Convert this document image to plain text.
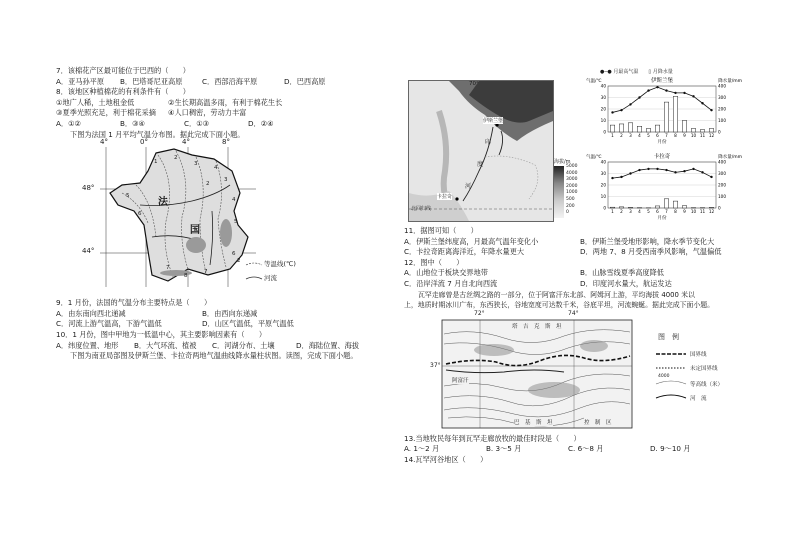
7．该棉花产区最可能位于巴西的（　　）
A．亚马孙平原	B．巴塔哥尼亚高原	C．西部沿海平原	D．巴西高原
8．该地区种植棉花的有利条件有（　　）
①地广人稀，土地租金低	②生长期高温多雨，有利于棉花生长
③夏季光照充足，利于棉花采摘	④人口稠密，劳动力丰富
A．①②	B．③④	C．①③	D．②④
下图为法国 1 月平均气温分布图。据此完成下面小题。
4°	0°	4°	8°
48°
44°
法
国
1
2
3
4
5
6
7
8
7
6
5
4
3
2
2	等温线(℃)
河流
9．1 月份，法国的气温分布主要特点是（　　）
A．由东南向西北递减	B．由西向东递减
C．河流上游气温高，下游气温低	D．山区气温低，平原气温低
10．1 月份，图中甲地为一低温中心，其主要影响因素有（　　）
A．纬度位置、地形	B．大气环流、植被	C．河湖分布、土壤	D．海陆位置、海拔
下图为南亚局部图及伊斯兰堡、卡拉奇两地气温曲线降水量柱状图。读图，完成下面小题。
70°
伊斯兰堡
印
度
河
卡拉奇
北回归线
海拔/m
5000
4000
3000
2000
1000
500
200
0
●─● 月最高气温 ▯ 月降水量
伊斯兰堡
气温/℃	降水量/mm
0	0
10	100
20	200
30	300
40	400
1 2 3 4 5 6 7 8 9 10 11 12
月份
卡拉奇
气温/℃	降水量/mm
0	0
10	100
20	200
30	300
40	400
1 2 3 4 5 6 7 8 9 10 11 12
月份
11．据图可知（　　）
A．伊斯兰堡纬度高，月最高气温年变化小	B．伊斯兰堡受地形影响，降水季节变化大
C．卡拉奇距离海洋近，年降水量更大	D．两地 7、8 月受西南季风影响，气温偏低
12．图中（　　）
A．山地位于板块交界地带	B．山脉雪线夏季高度降低
C．沿岸洋流 7 月自北向西流	D．印度河水量大，航运发达
瓦罕走廊曾是古丝绸之路的一部分，位于阿富汗东北部、阿姆河上游，平均海拔 4000 米以
上，地质时期冰川广布，东西狭长，谷地宽度可达数千米，谷底平坦，河流蜿蜒。据此完成下面小题。
72°	74°
37°
塔　吉　克　斯　坦
阿富汗
巴　基　斯　坦	控　制　区
图　例
国界线
未定国界线
4000
等高线（米）
河　流
13.当地牧民每年到瓦罕走廊放牧的最佳时段是（　　）
A. 1～2 月	B. 3～5 月	C. 6～8 月	D. 9～10 月
14.瓦罕河谷地区（　　）
